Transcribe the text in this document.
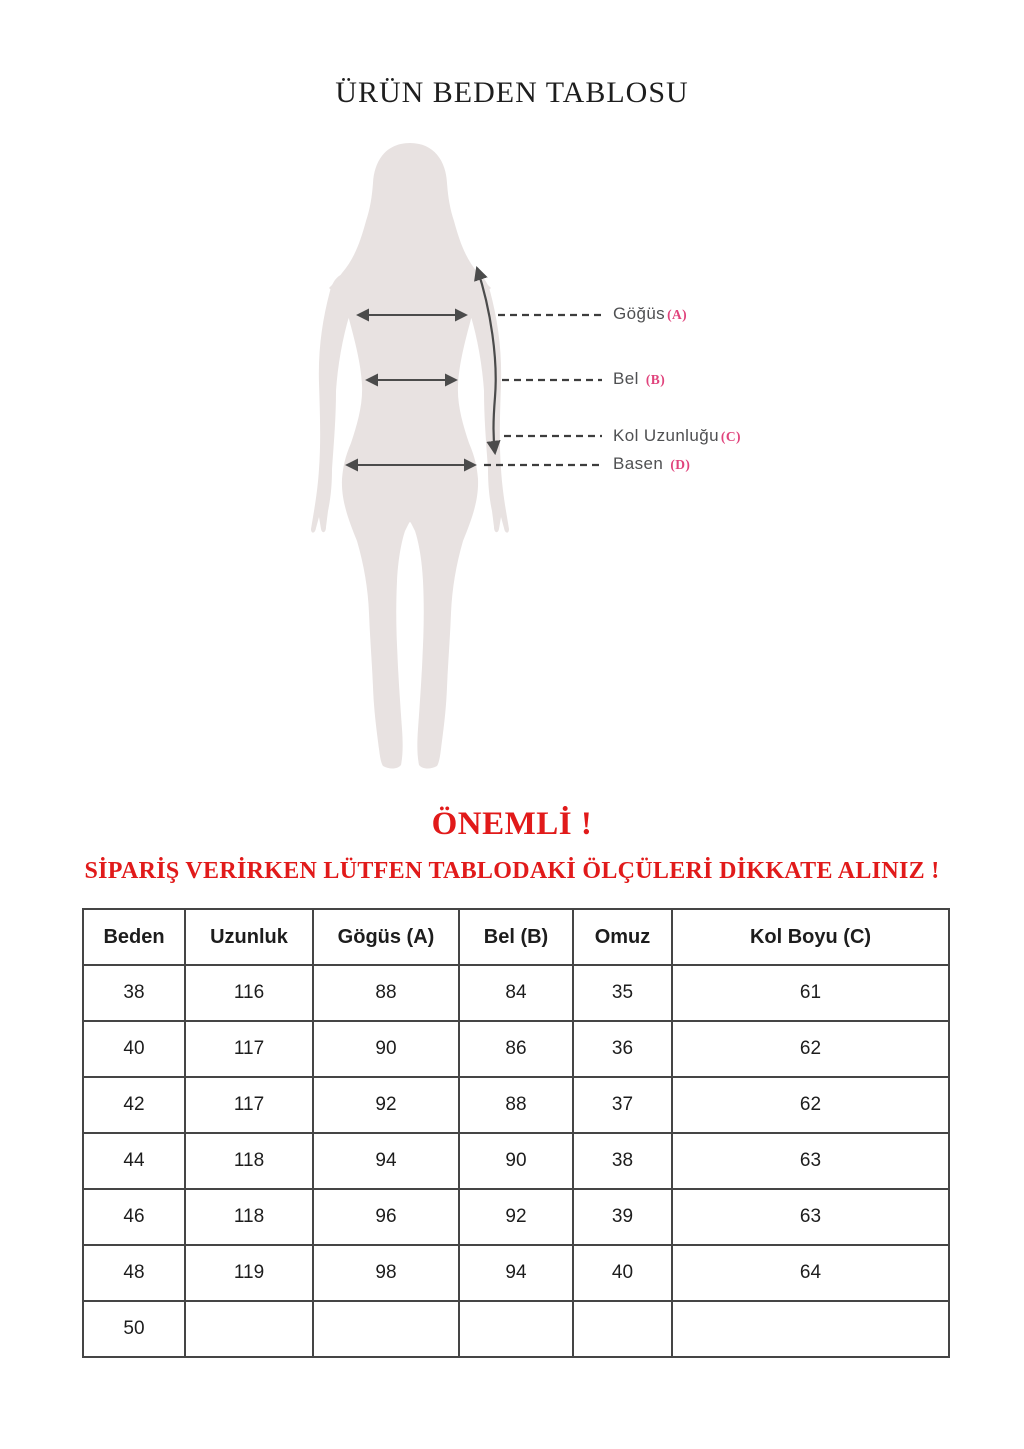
ÜRÜN BEDEN TABLOSU
Göğüs (A)
Bel (B)
Kol Uzunluğu (C)
Basen (D)
ÖNEMLİ !
SİPARİŞ VERİRKEN LÜTFEN TABLODAKİ ÖLÇÜLERİ DİKKATE ALINIZ !
Beden	Uzunluk	Gögüs (A)	Bel (B)	Omuz	Kol Boyu (C)
38	116	88	84	35	61
40	117	90	86	36	62
42	117	92	88	37	62
44	118	94	90	38	63
46	118	96	92	39	63
48	119	98	94	40	64
50					
